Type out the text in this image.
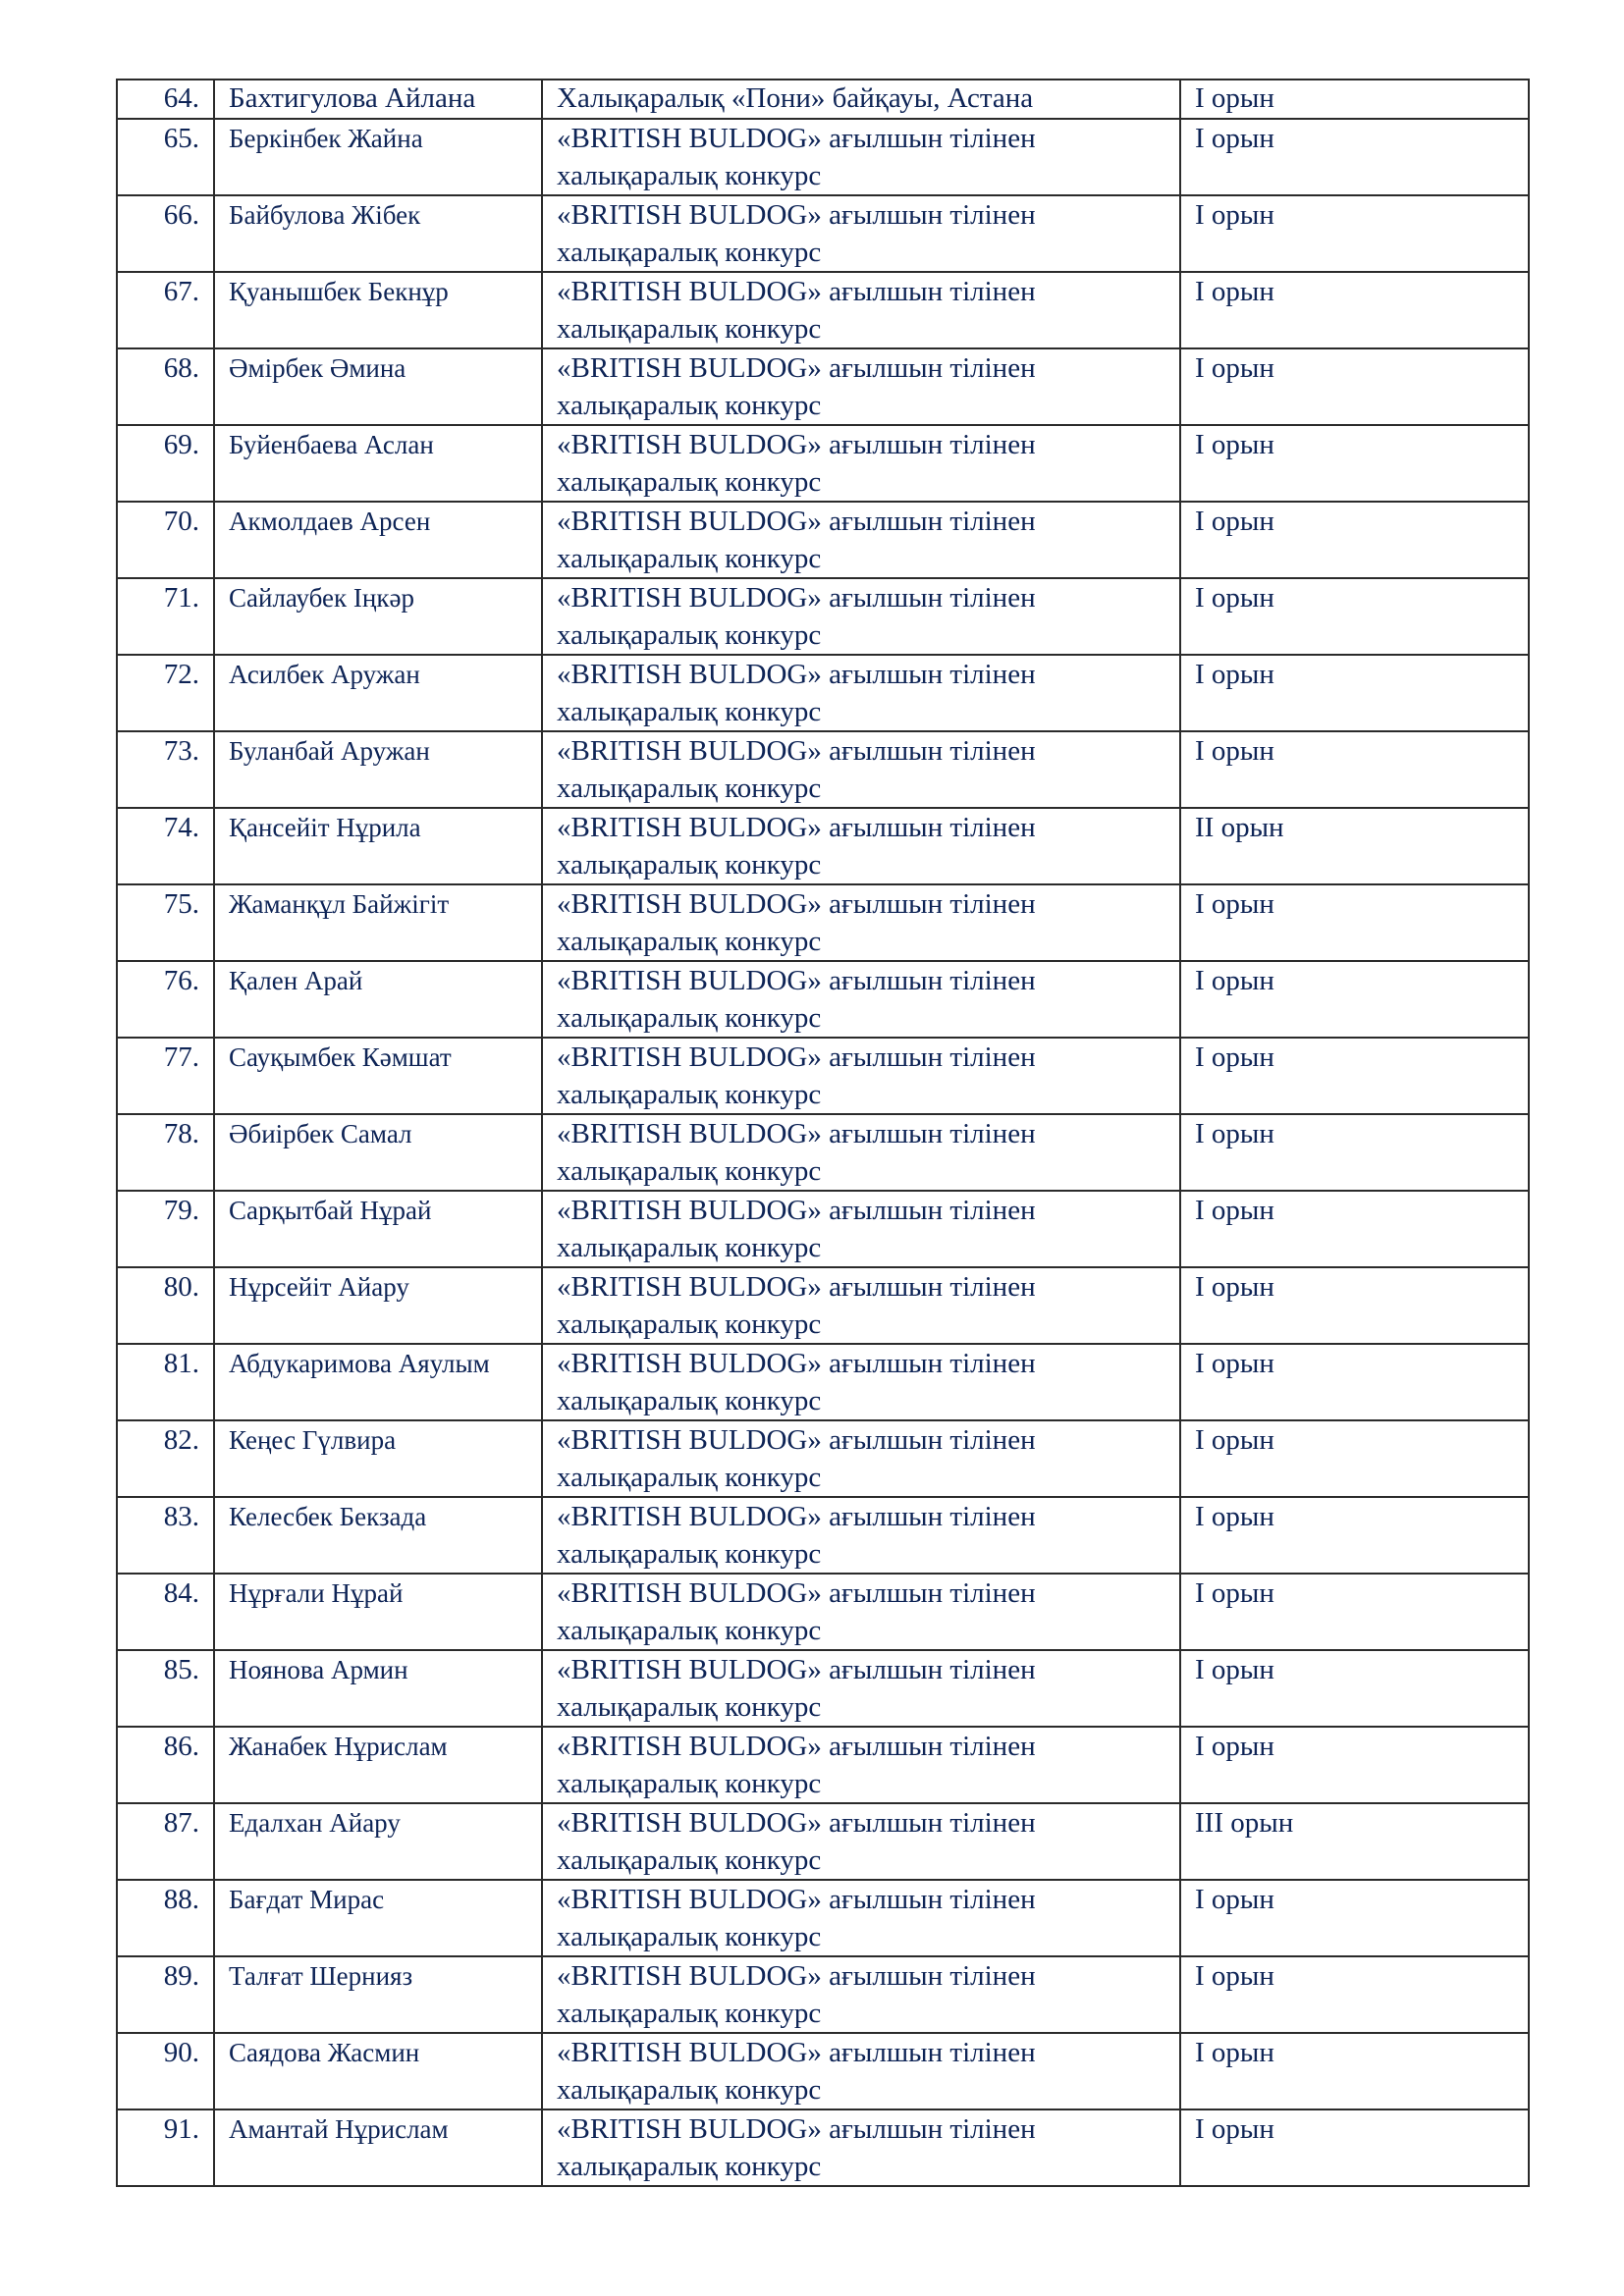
64.	Бахтигулова Айлана	Халықаралық «Пони» байқауы, Астана	I орын
65.	Беркінбек Жайна	«BRITISH BULDOG» ағылшын тілінен халықаралық конкурс	I орын
66.	Байбулова Жібек	«BRITISH BULDOG» ағылшын тілінен халықаралық конкурс	I орын
67.	Қуанышбек Бекнұр	«BRITISH BULDOG» ағылшын тілінен халықаралық конкурс	I орын
68.	Әмірбек Әмина	«BRITISH BULDOG» ағылшын тілінен халықаралық конкурс	I орын
69.	Буйенбаева Аслан	«BRITISH BULDOG» ағылшын тілінен халықаралық конкурс	I орын
70.	Акмолдаев Арсен	«BRITISH BULDOG» ағылшын тілінен халықаралық конкурс	I орын
71.	Сайлаубек Іңкәр	«BRITISH BULDOG» ағылшын тілінен халықаралық конкурс	I орын
72.	Асилбек Аружан	«BRITISH BULDOG» ағылшын тілінен халықаралық конкурс	I орын
73.	Буланбай Аружан	«BRITISH BULDOG» ағылшын тілінен халықаралық конкурс	I орын
74.	Қансейіт Нұрила	«BRITISH BULDOG» ағылшын тілінен халықаралық конкурс	II орын
75.	Жаманқұл Байжігіт	«BRITISH BULDOG» ағылшын тілінен халықаралық конкурс	I орын
76.	Қален Арай	«BRITISH BULDOG» ағылшын тілінен халықаралық конкурс	I орын
77.	Сауқымбек Кәмшат	«BRITISH BULDOG» ағылшын тілінен халықаралық конкурс	I орын
78.	Әбиірбек Самал	«BRITISH BULDOG» ағылшын тілінен халықаралық конкурс	I орын
79.	Сарқытбай Нұрай	«BRITISH BULDOG» ағылшын тілінен халықаралық конкурс	I орын
80.	Нұрсейіт Айару	«BRITISH BULDOG» ағылшын тілінен халықаралық конкурс	I орын
81.	Абдукаримова Аяулым	«BRITISH BULDOG» ағылшын тілінен халықаралық конкурс	I орын
82.	Кеңес Гүлвира	«BRITISH BULDOG» ағылшын тілінен халықаралық конкурс	I орын
83.	Келесбек Бекзада	«BRITISH BULDOG» ағылшын тілінен халықаралық конкурс	I орын
84.	Нұрғали Нұрай	«BRITISH BULDOG» ағылшын тілінен халықаралық конкурс	I орын
85.	Ноянова Армин	«BRITISH BULDOG» ағылшын тілінен халықаралық конкурс	I орын
86.	Жанабек Нұрислам	«BRITISH BULDOG» ағылшын тілінен халықаралық конкурс	I орын
87.	Едалхан Айару	«BRITISH BULDOG» ағылшын тілінен халықаралық конкурс	III орын
88.	Бағдат Мирас	«BRITISH BULDOG» ағылшын тілінен халықаралық конкурс	I орын
89.	Талғат Шернияз	«BRITISH BULDOG» ағылшын тілінен халықаралық конкурс	I орын
90.	Саядова Жасмин	«BRITISH BULDOG» ағылшын тілінен халықаралық конкурс	I орын
91.	Амантай Нұрислам	«BRITISH BULDOG» ағылшын тілінен халықаралық конкурс	I орын
